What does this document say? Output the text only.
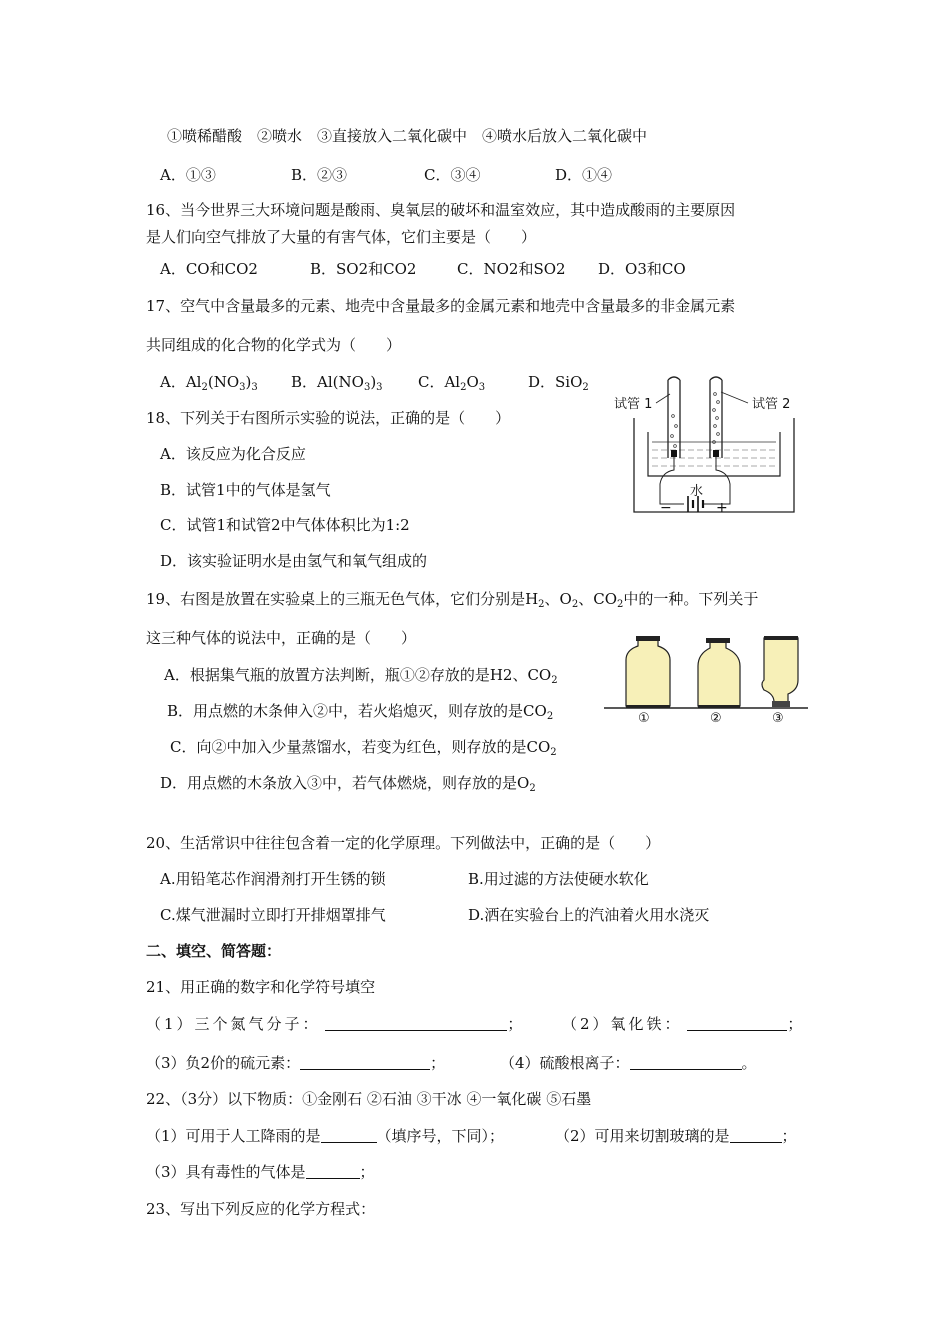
①喷稀醋酸　②喷水　③直接放入二氧化碳中　④喷水后放入二氧化碳中
A．①③	B．②③	C．③④	D．①④
16、当今世界三大环境问题是酸雨、臭氧层的破坏和温室效应，其中造成酸雨的主要原因
是人们向空气排放了大量的有害气体，它们主要是（　　）
A．CO和CO2	B．SO2和CO2	C．NO2和SO2 D．O3和CO
17、空气中含量最多的元素、地壳中含量最多的金属元素和地壳中含量最多的非金属元素
共同组成的化合物的化学式为（　　）
A．$Al_2(NO_3)_3$ B．$Al(NO_3)_3$ C．$Al_2O_3$	D．SiO$_2$
18、下列关于右图所示实验的说法，正确的是（　　）
A．该反应为化合反应
B．试管1中的气体是氢气
C．试管1和试管2中气体体积比为1:2
D．该实验证明水是由氢气和氧气组成的
试管 1	试管 2
水
−	+
19、右图是放置在实验桌上的三瓶无色气体，它们分别是$H_2$、$O_2$、$CO_2$中的一种。下列关于
这三种气体的说法中，正确的是（　　）
A．根据集气瓶的放置方法判断，瓶①②存放的是H2、$CO_2$
B．用点燃的木条伸入②中，若火焰熄灭，则存放的是$CO_2$
C．向②中加入少量蒸馏水，若变为红色，则存放的是$CO_2$
D．用点燃的木条放入③中，若气体燃烧，则存放的是$O_2$
①	②	③
20、生活常识中往往包含着一定的化学原理。下列做法中，正确的是（　　）
A.用铅笔芯作润滑剂打开生锈的锁	B.用过滤的方法使硬水软化
C.煤气泄漏时立即打开排烟罩排气	D.洒在实验台上的汽油着火用水浇灭
二、填空、简答题：
21、用正确的数字和化学符号填空
（1）三个氮气分子：	；	（2）氧化铁：	；
（3）负2价的硫元素：	；	（4）硫酸根离子：	。
22、（3分）以下物质：①金刚石 ②石油 ③干冰 ④一氧化碳 ⑤石墨
（1）可用于人工降雨的是	（填序号，下同）；	（2）可用来切割玻璃的是	；
（3）具有毒性的气体是	；
23、写出下列反应的化学方程式：
